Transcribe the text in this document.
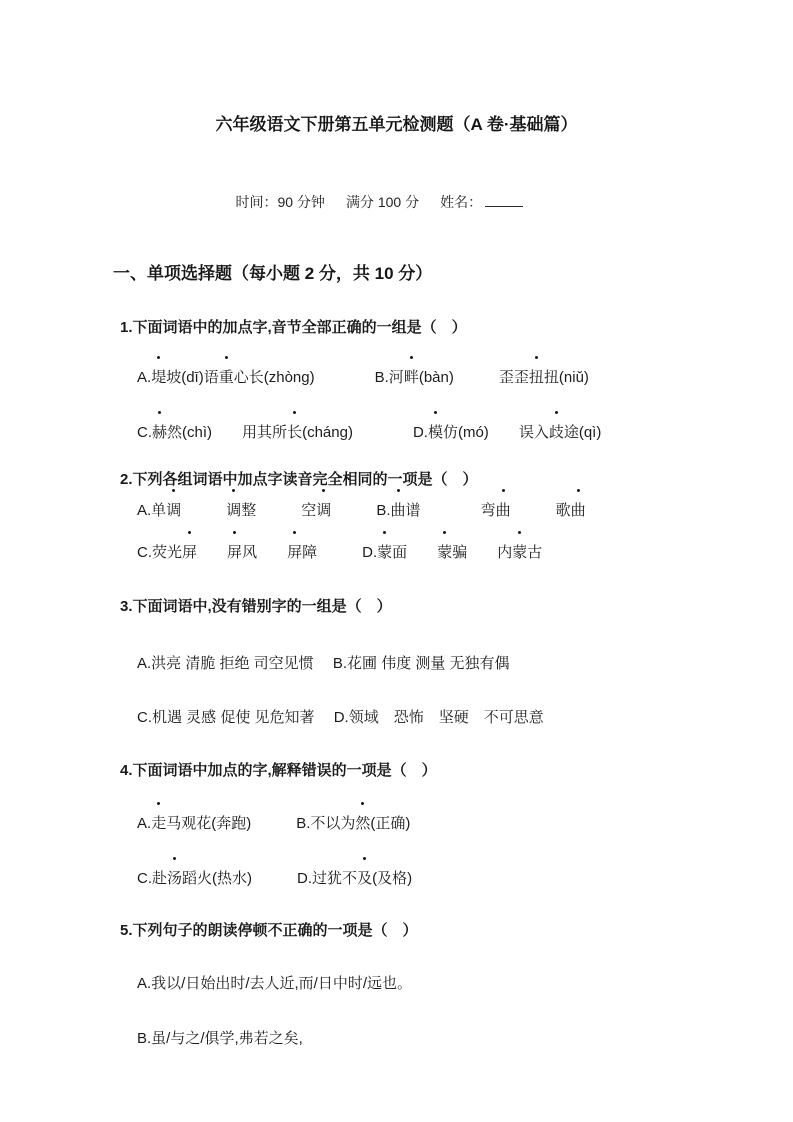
六年级语文下册第五单元检测题（A 卷·基础篇）

时间：90 分钟 满分 100 分 姓名：

一、单项选择题（每小题 2 分，共 10 分）
1.下面词语中的加点字,音节全部正确的一组是（　）
A.堤坡(dī)语重心长(zhòng)　　　　	B.河畔(bàn)　　　	歪歪扭扭(niǔ)
C.赫然(chì)　　 用其所长(cháng)　　　　	D.模仿(mó)　　 误入歧途(qì)
2.下列各组词语中加点字读音完全相同的一项是（　）
A.单调　　　	调整　　　	空调　　　	B.曲谱　　　　	弯曲　　　	歌曲
C.荧光屏　　 屏风　　 屏障　　　	D.蒙面　　 蒙骗　　 内蒙古
3.下面词语中,没有错别字的一组是（　）
A.洪亮 清脆 拒绝 司空见惯　 B.花圃 伟度 测量 无独有偶
C.机遇 灵感 促使 见危知著　 D.领域　恐怖　坚硬　不可思意
4.下面词语中加点的字,解释错误的一项是（　）
A.走马观花(奔跑)　　　	B.不以为然(正确)
C.赴汤蹈火(热水)　　　	D.过犹不及(及格)
5.下列句子的朗读停顿不正确的一项是（　）
A.我以/日始出时/去人近,而/日中时/远也。
B.虽/与之/俱学,弗若之矣,
